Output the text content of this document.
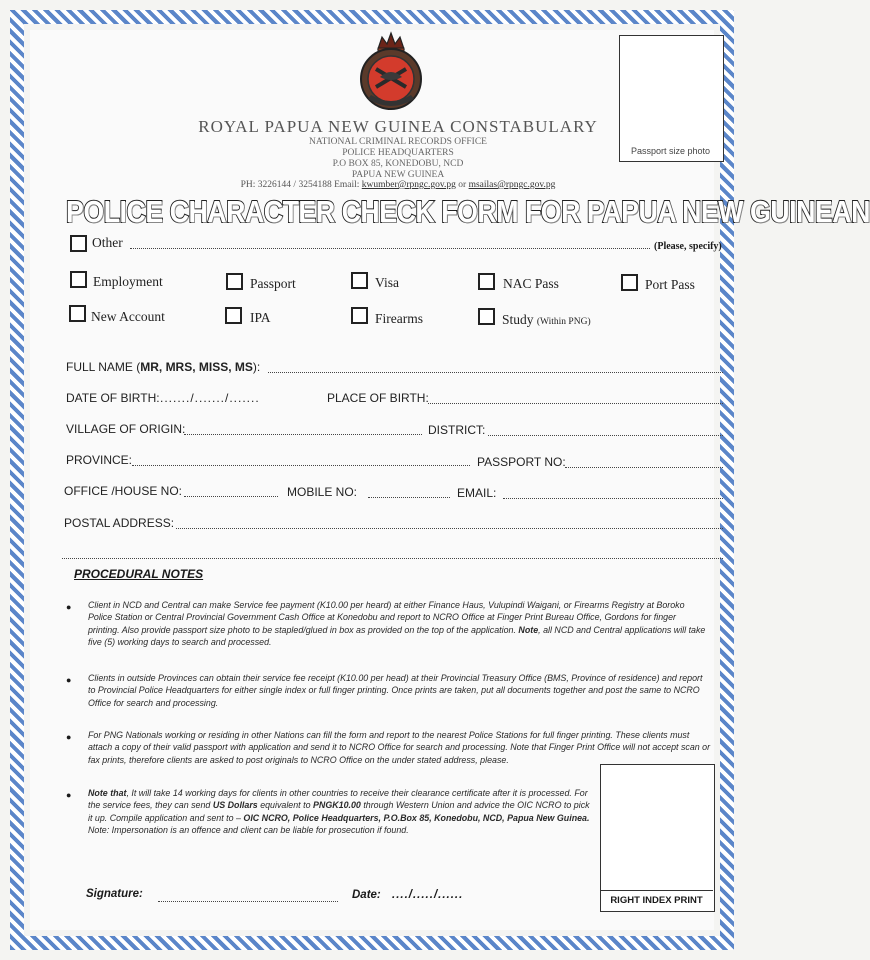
Passport size photo
ROYAL PAPUA NEW GUINEA CONSTABULARY
NATIONAL CRIMINAL RECORDS OFFICE
POLICE HEADQUARTERS
P.O BOX 85, KONEDOBU, NCD
PAPUA NEW GUINEA
PH: 3226144 / 3254188 Email: kwumber@rpngc.gov.pg or msailas@rpngc.gov.pg
POLICE CHARACTER CHECK FORM FOR PAPUA NEW GUINEAN
Other	(Please, specify)
Employment	Passport	Visa	NAC Pass	Port Pass
New Account	IPA	Firearms	Study (Within PNG)
FULL NAME (MR, MRS, MISS, MS):
DATE OF BIRTH: ......./......./.......	PLACE OF BIRTH:
VILLAGE OF ORIGIN:	DISTRICT:
PROVINCE:	PASSPORT NO:
OFFICE /HOUSE NO:	MOBILE NO:	EMAIL:
POSTAL ADDRESS:
PROCEDURAL NOTES
● Client in NCD and Central can make Service fee payment (K10.00 per heard) at either Finance Haus, Vulupindi Waigani, or Firearms Registry at Boroko Police Station or Central Provincial Government Cash Office at Konedobu and report to NCRO Office at Finger Print Bureau Office, Gordons for finger printing. Also provide passport size photo to be stapled/glued in box as provided on the top of the application. Note, all NCD and Central applications will take five (5) working days to search and processed.
● Clients in outside Provinces can obtain their service fee receipt (K10.00 per head) at their Provincial Treasury Office (BMS, Province of residence) and report to Provincial Police Headquarters for either single index or full finger printing. Once prints are taken, put all documents together and post the same to NCRO Office for search and processing.
● For PNG Nationals working or residing in other Nations can fill the form and report to the nearest Police Stations for full finger printing. These clients must attach a copy of their valid passport with application and send it to NCRO Office for search and processing. Note that Finger Print Office will not accept scan or fax prints, therefore clients are asked to post originals to NCRO Office on the under stated address, please.
● Note that, It will take 14 working days for clients in other countries to receive their clearance certificate after it is processed. For the service fees, they can send US Dollars equivalent to PNGK10.00 through Western Union and advice the OIC NCRO to pick it up. Compile application and sent to – OIC NCRO, Police Headquarters, P.O.Box 85, Konedobu, NCD, Papua New Guinea. Note: Impersonation is an offence and client can be liable for prosecution if found.
RIGHT INDEX PRINT
Signature:	Date: ..../...../......
